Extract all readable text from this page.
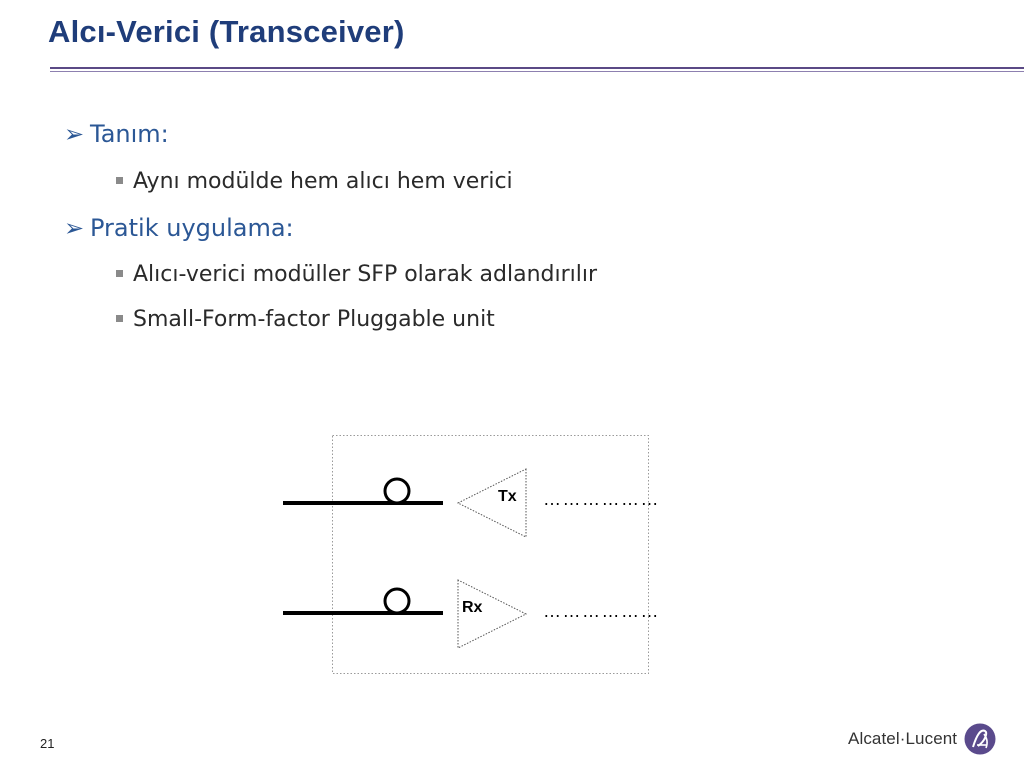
Alcı-Verici (Transceiver)
➢ Tanım:
Aynı modülde hem alıcı hem verici
➢ Pratik uygulama:
Alıcı-verici modüller SFP olarak adlandırılır
Small-Form-factor Pluggable unit
Tx
Rx
………………
………………
21	Alcatel·Lucent
